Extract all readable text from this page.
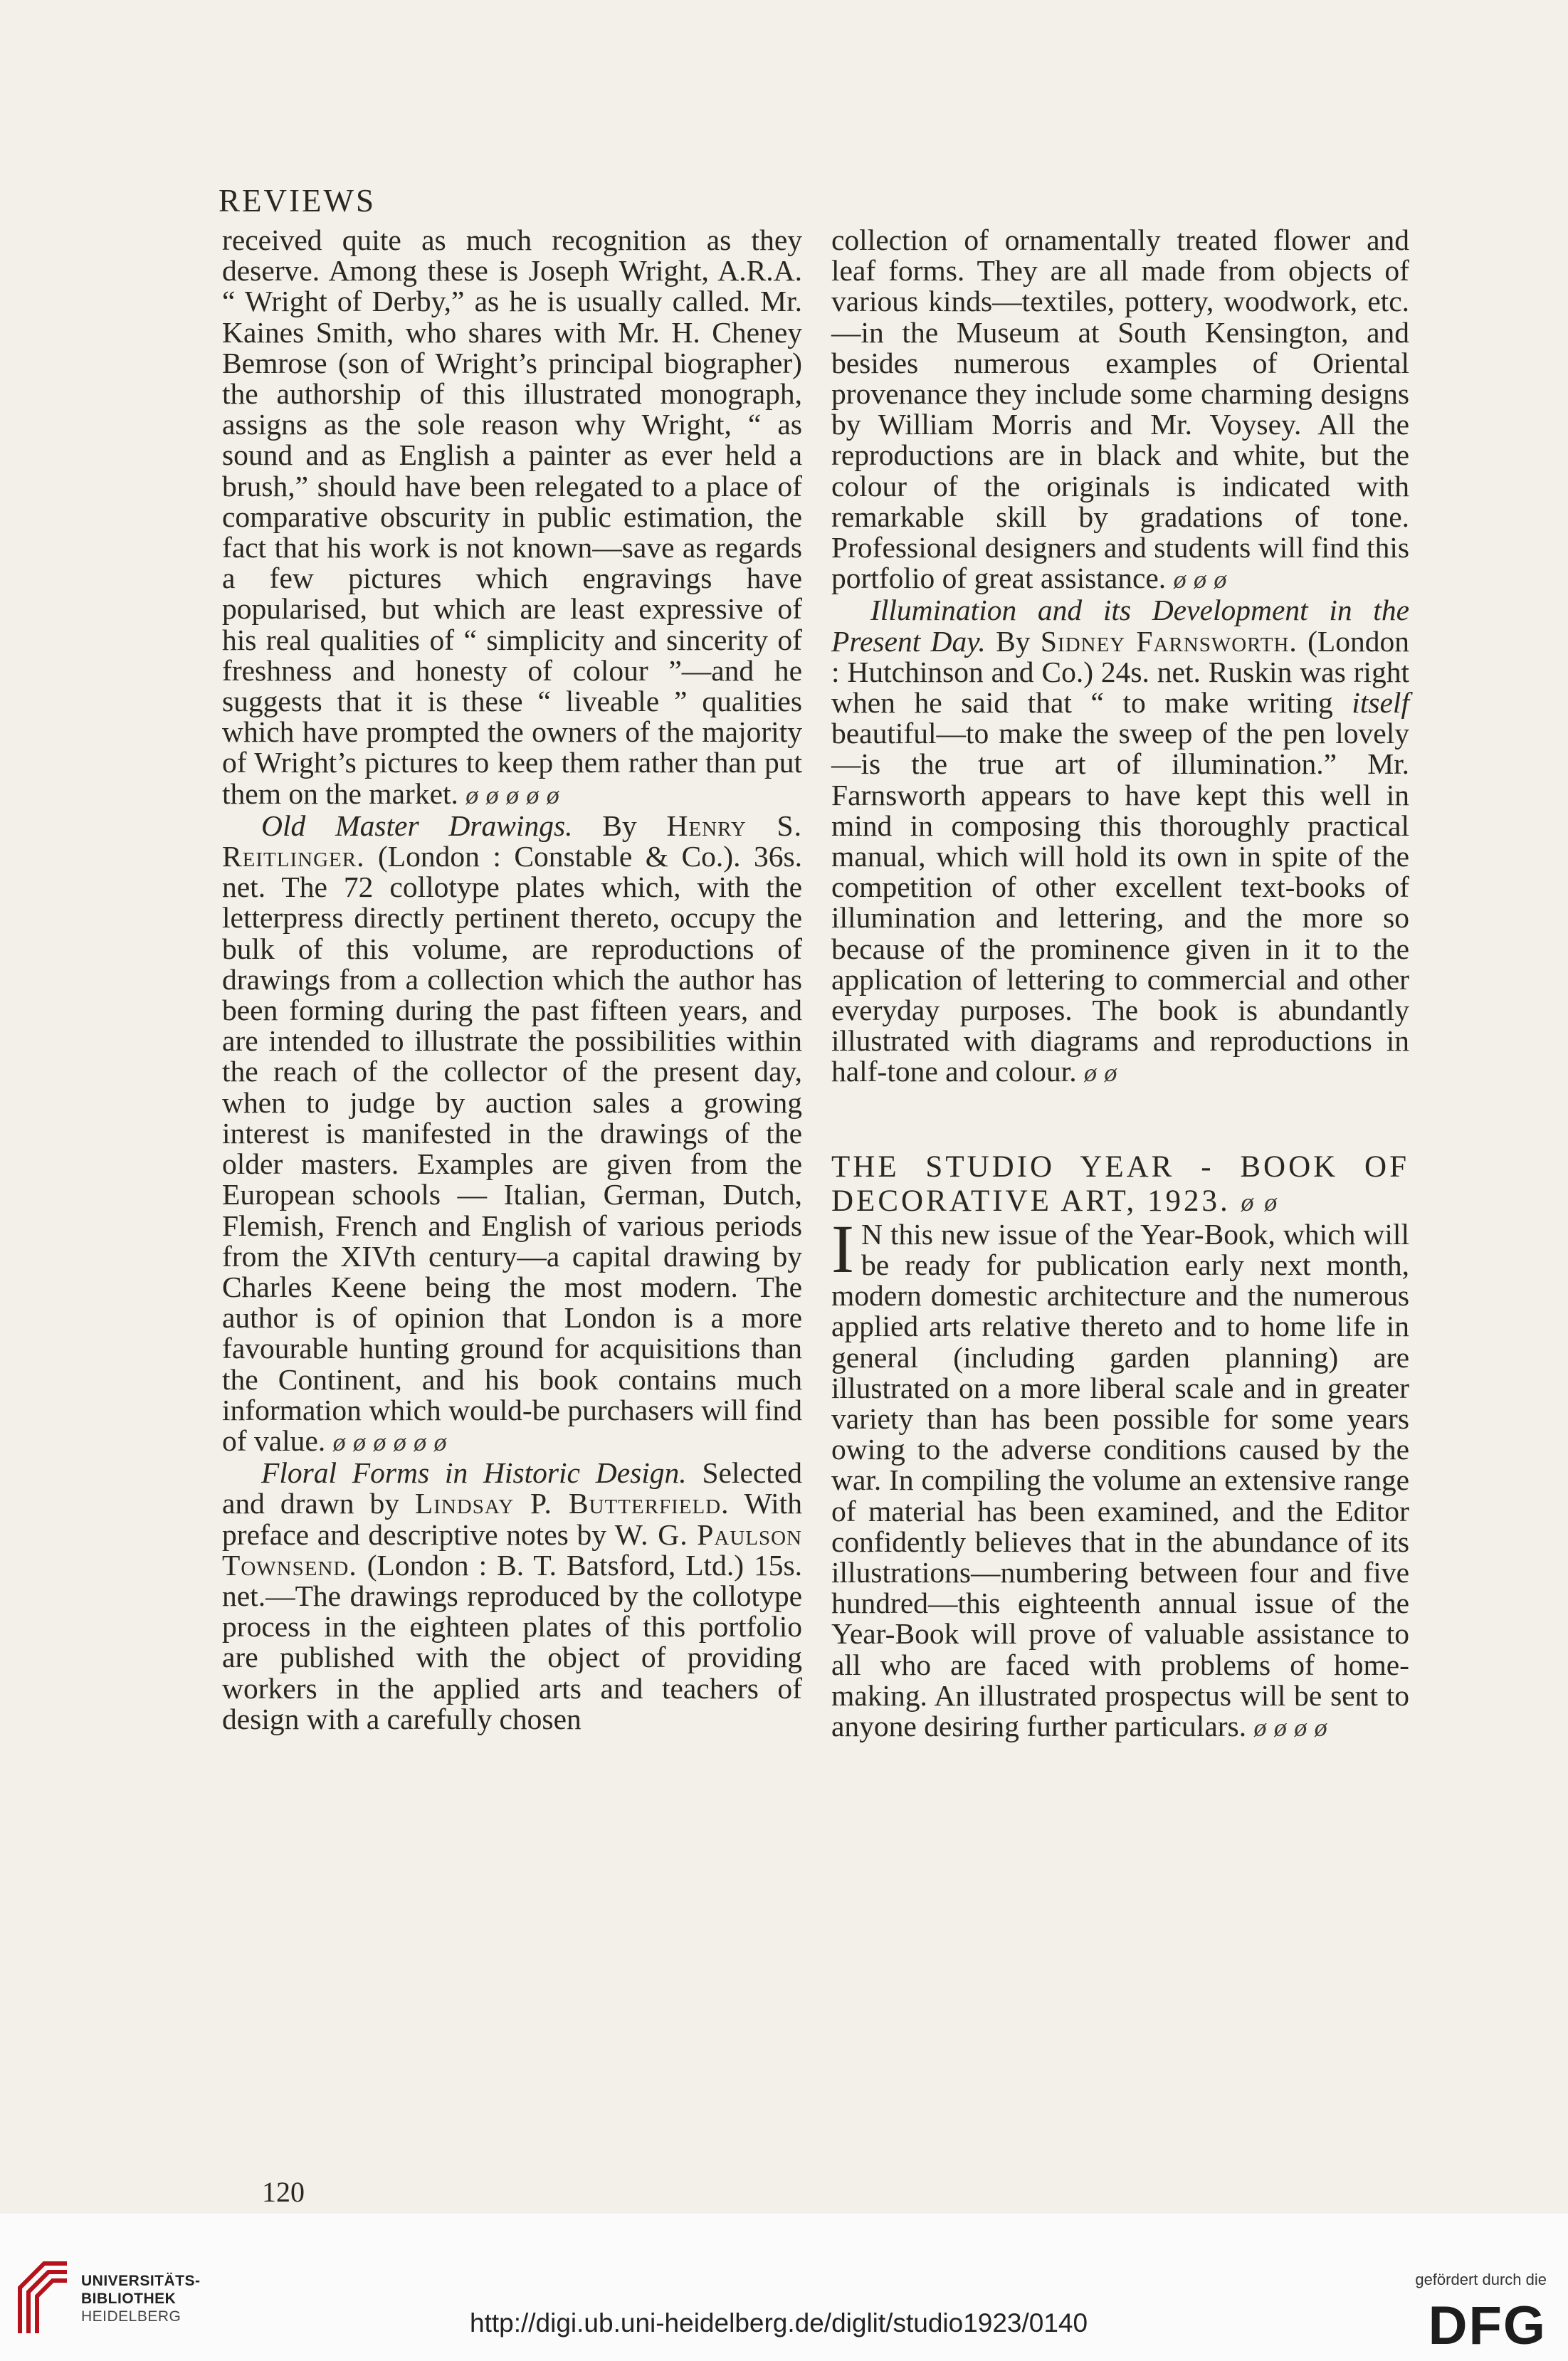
REVIEWS

received quite as much recognition as they deserve. Among these is Joseph Wright, A.R.A. “ Wright of Derby,” as he is usually called. Mr. Kaines Smith, who shares with Mr. H. Cheney Bemrose (son of Wright’s principal biographer) the authorship of this illustrated monograph, assigns as the sole reason why Wright, “ as sound and as English a painter as ever held a brush,” should have been relegated to a place of comparative obscurity in public estimation, the fact that his work is not known—save as regards a few pictures which engravings have popularised, but which are least expressive of his real qualities of “ simplicity and sincerity of freshness and honesty of colour ”—and he suggests that it is these “ liveable ” qualities which have prompted the owners of the majority of Wright’s pictures to keep them rather than put them on the market. ø ø ø ø ø

Old Master Drawings. By Henry S. Reitlinger. (London : Constable & Co.). 36s. net. The 72 collotype plates which, with the letterpress directly pertinent thereto, occupy the bulk of this volume, are reproductions of drawings from a collection which the author has been forming during the past fifteen years, and are intended to illustrate the possibilities within the reach of the collector of the present day, when to judge by auction sales a growing interest is manifested in the drawings of the older masters. Examples are given from the European schools — Italian, German, Dutch, Flemish, French and English of various periods from the XIVth century—a capital drawing by Charles Keene being the most modern. The author is of opinion that London is a more favourable hunting ground for acquisitions than the Continent, and his book contains much information which would-be purchasers will find of value. ø ø ø ø ø ø

Floral Forms in Historic Design. Selected and drawn by Lindsay P. Butterfield. With preface and descriptive notes by W. G. Paulson Townsend. (London : B. T. Batsford, Ltd.) 15s. net.—The drawings reproduced by the collotype process in the eighteen plates of this portfolio are published with the object of providing workers in the applied arts and teachers of design with a carefully chosen

collection of ornamentally treated flower and leaf forms. They are all made from objects of various kinds—textiles, pottery, woodwork, etc.—in the Museum at South Kensington, and besides numerous examples of Oriental provenance they include some charming designs by William Morris and Mr. Voysey. All the reproductions are in black and white, but the colour of the originals is indicated with remarkable skill by gradations of tone. Professional designers and students will find this portfolio of great assistance. ø ø ø

Illumination and its Development in the Present Day. By Sidney Farnsworth. (London : Hutchinson and Co.) 24s. net. Ruskin was right when he said that “ to make writing itself beautiful—to make the sweep of the pen lovely—is the true art of illumination.” Mr. Farnsworth appears to have kept this well in mind in composing this thoroughly practical manual, which will hold its own in spite of the competition of other excellent text-books of illumination and lettering, and the more so because of the prominence given in it to the application of lettering to commercial and other everyday purposes. The book is abundantly illustrated with diagrams and reproductions in half-tone and colour. ø ø

THE STUDIO YEAR - BOOK OF DECORATIVE ART, 1923. ø ø

I N this new issue of the Year-Book, which will be ready for publication early next month, modern domestic architecture and the numerous applied arts relative thereto and to home life in general (including garden planning) are illustrated on a more liberal scale and in greater variety than has been possible for some years owing to the adverse conditions caused by the war. In compiling the volume an extensive range of material has been examined, and the Editor confidently believes that in the abundance of its illustrations—numbering between four and five hundred—this eighteenth annual issue of the Year-Book will prove of valuable assistance to all who are faced with problems of home-making. An illustrated prospectus will be sent to anyone desiring further particulars. ø ø ø ø

120
UNIVERSITÄTS-
BIBLIOTHEK
HEIDELBERG	http://digi.ub.uni-heidelberg.de/diglit/studio1923/0140
gefördert durch die
DFG
